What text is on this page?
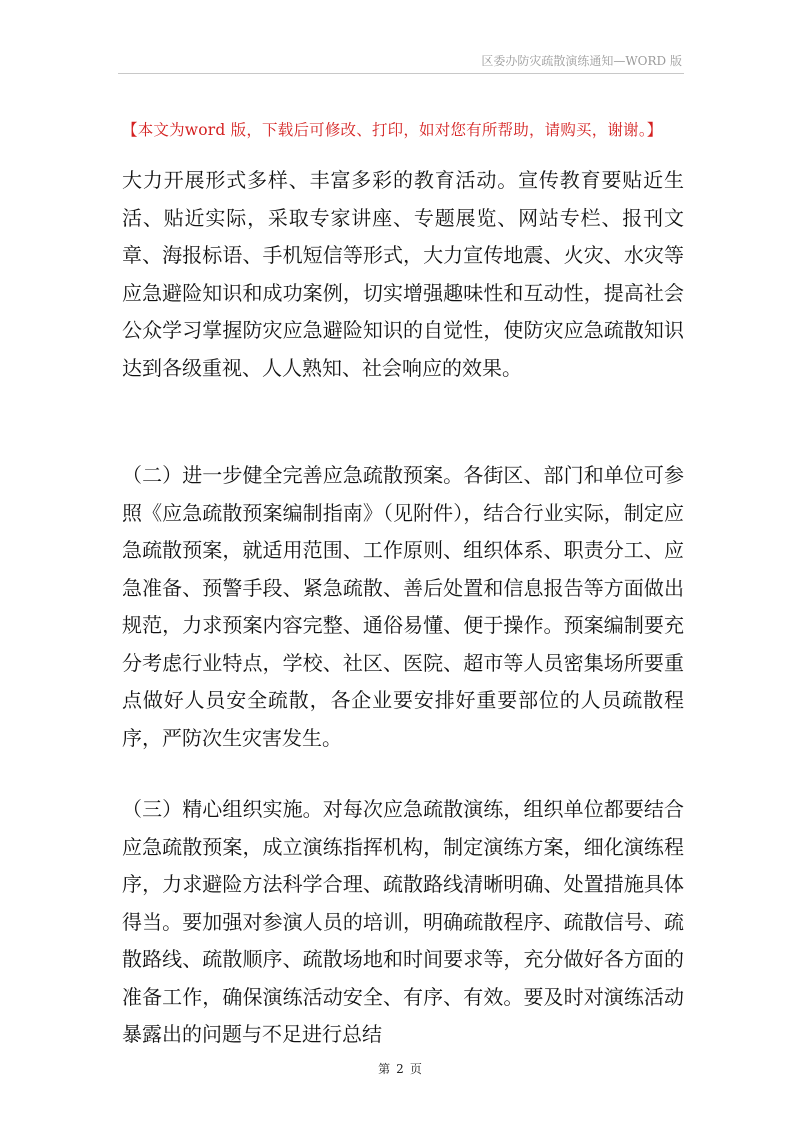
区委办防灾疏散演练通知—WORD 版
【本文为word 版，下载后可修改、打印，如对您有所帮助，请购买，谢谢。】

大力开展形式多样、丰富多彩的教育活动。宣传教育要贴近生活、贴近实际，采取专家讲座、专题展览、网站专栏、报刊文章、海报标语、手机短信等形式，大力宣传地震、火灾、水灾等应急避险知识和成功案例，切实增强趣味性和互动性，提高社会公众学习掌握防灾应急避险知识的自觉性，使防灾应急疏散知识达到各级重视、人人熟知、社会响应的效果。

（二）进一步健全完善应急疏散预案。各街区、部门和单位可参照《应急疏散预案编制指南》（见附件），结合行业实际，制定应急疏散预案，就适用范围、工作原则、组织体系、职责分工、应急准备、预警手段、紧急疏散、善后处置和信息报告等方面做出规范，力求预案内容完整、通俗易懂、便于操作。预案编制要充分考虑行业特点，学校、社区、医院、超市等人员密集场所要重点做好人员安全疏散，各企业要安排好重要部位的人员疏散程序，严防次生灾害发生。

（三）精心组织实施。对每次应急疏散演练，组织单位都要结合应急疏散预案，成立演练指挥机构，制定演练方案，细化演练程序，力求避险方法科学合理、疏散路线清晰明确、处置措施具体得当。要加强对参演人员的培训，明确疏散程序、疏散信号、疏散路线、疏散顺序、疏散场地和时间要求等，充分做好各方面的准备工作，确保演练活动安全、有序、有效。要及时对演练活动暴露出的问题与不足进行总结

第 2 页
